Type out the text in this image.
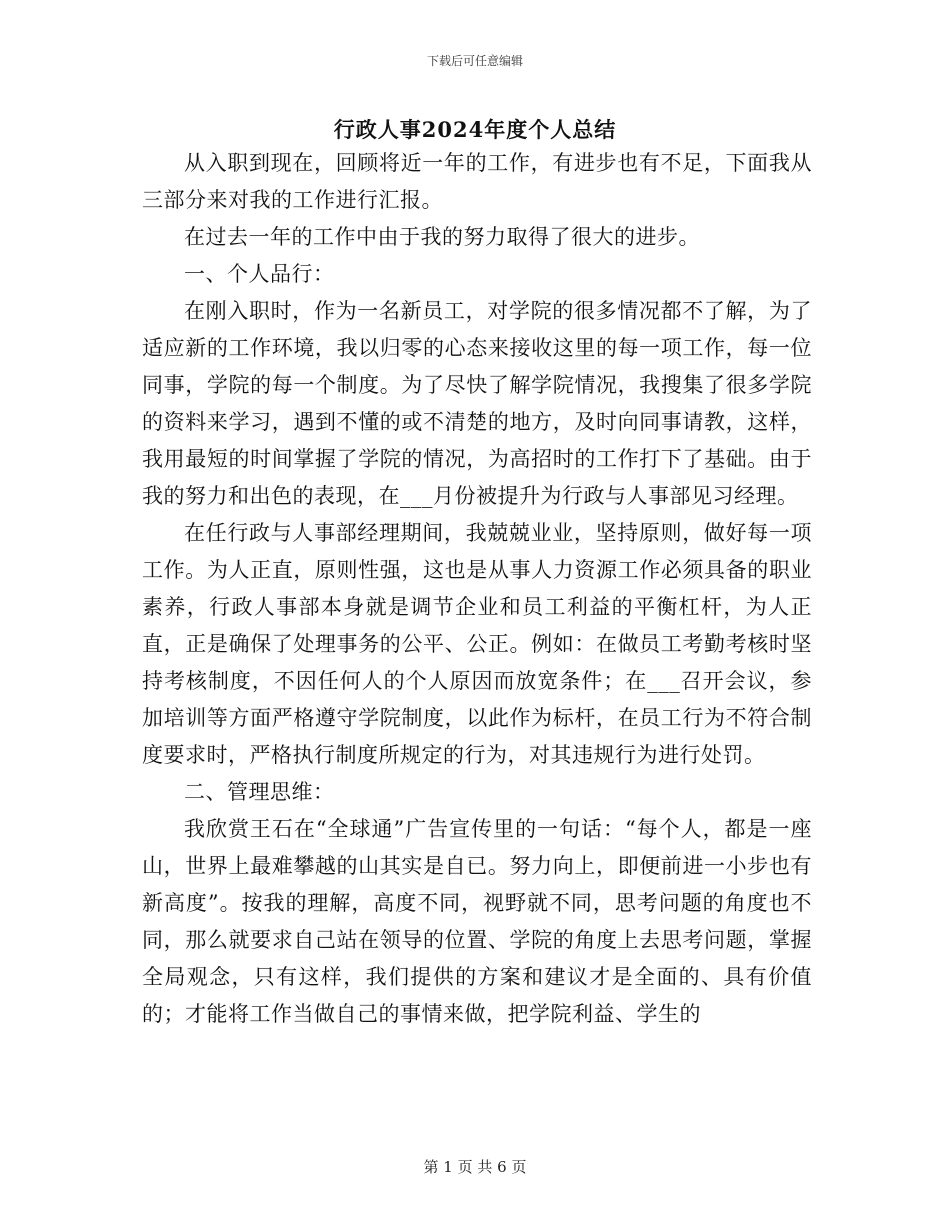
下载后可任意编辑
行政人事2024年度个人总结

从入职到现在，回顾将近一年的工作，有进步也有不足，下面我从三部分来对我的工作进行汇报。

在过去一年的工作中由于我的努力取得了很大的进步。

一、个人品行：

在刚入职时，作为一名新员工，对学院的很多情况都不了解，为了适应新的工作环境，我以归零的心态来接收这里的每一项工作，每一位同事，学院的每一个制度。为了尽快了解学院情况，我搜集了很多学院的资料来学习，遇到不懂的或不清楚的地方，及时向同事请教，这样，我用最短的时间掌握了学院的情况，为高招时的工作打下了基础。由于我的努力和出色的表现，在___月份被提升为行政与人事部见习经理。

在任行政与人事部经理期间，我兢兢业业，坚持原则，做好每一项工作。为人正直，原则性强，这也是从事人力资源工作必须具备的职业素养，行政人事部本身就是调节企业和员工利益的平衡杠杆，为人正直，正是确保了处理事务的公平、公正。例如：在做员工考勤考核时坚持考核制度，不因任何人的个人原因而放宽条件；在___召开会议，参加培训等方面严格遵守学院制度，以此作为标杆，在员工行为不符合制度要求时，严格执行制度所规定的行为，对其违规行为进行处罚。

二、管理思维：

我欣赏王石在“全球通”广告宣传里的一句话：“每个人，都是一座山，世界上最难攀越的山其实是自已。努力向上，即便前进一小步也有新高度”。按我的理解，高度不同，视野就不同，思考问题的角度也不同，那么就要求自己站在领导的位置、学院的角度上去思考问题，掌握全局观念，只有这样，我们提供的方案和建议才是全面的、具有价值的；才能将工作当做自己的事情来做，把学院利益、学生的

第 1 页 共 6 页
